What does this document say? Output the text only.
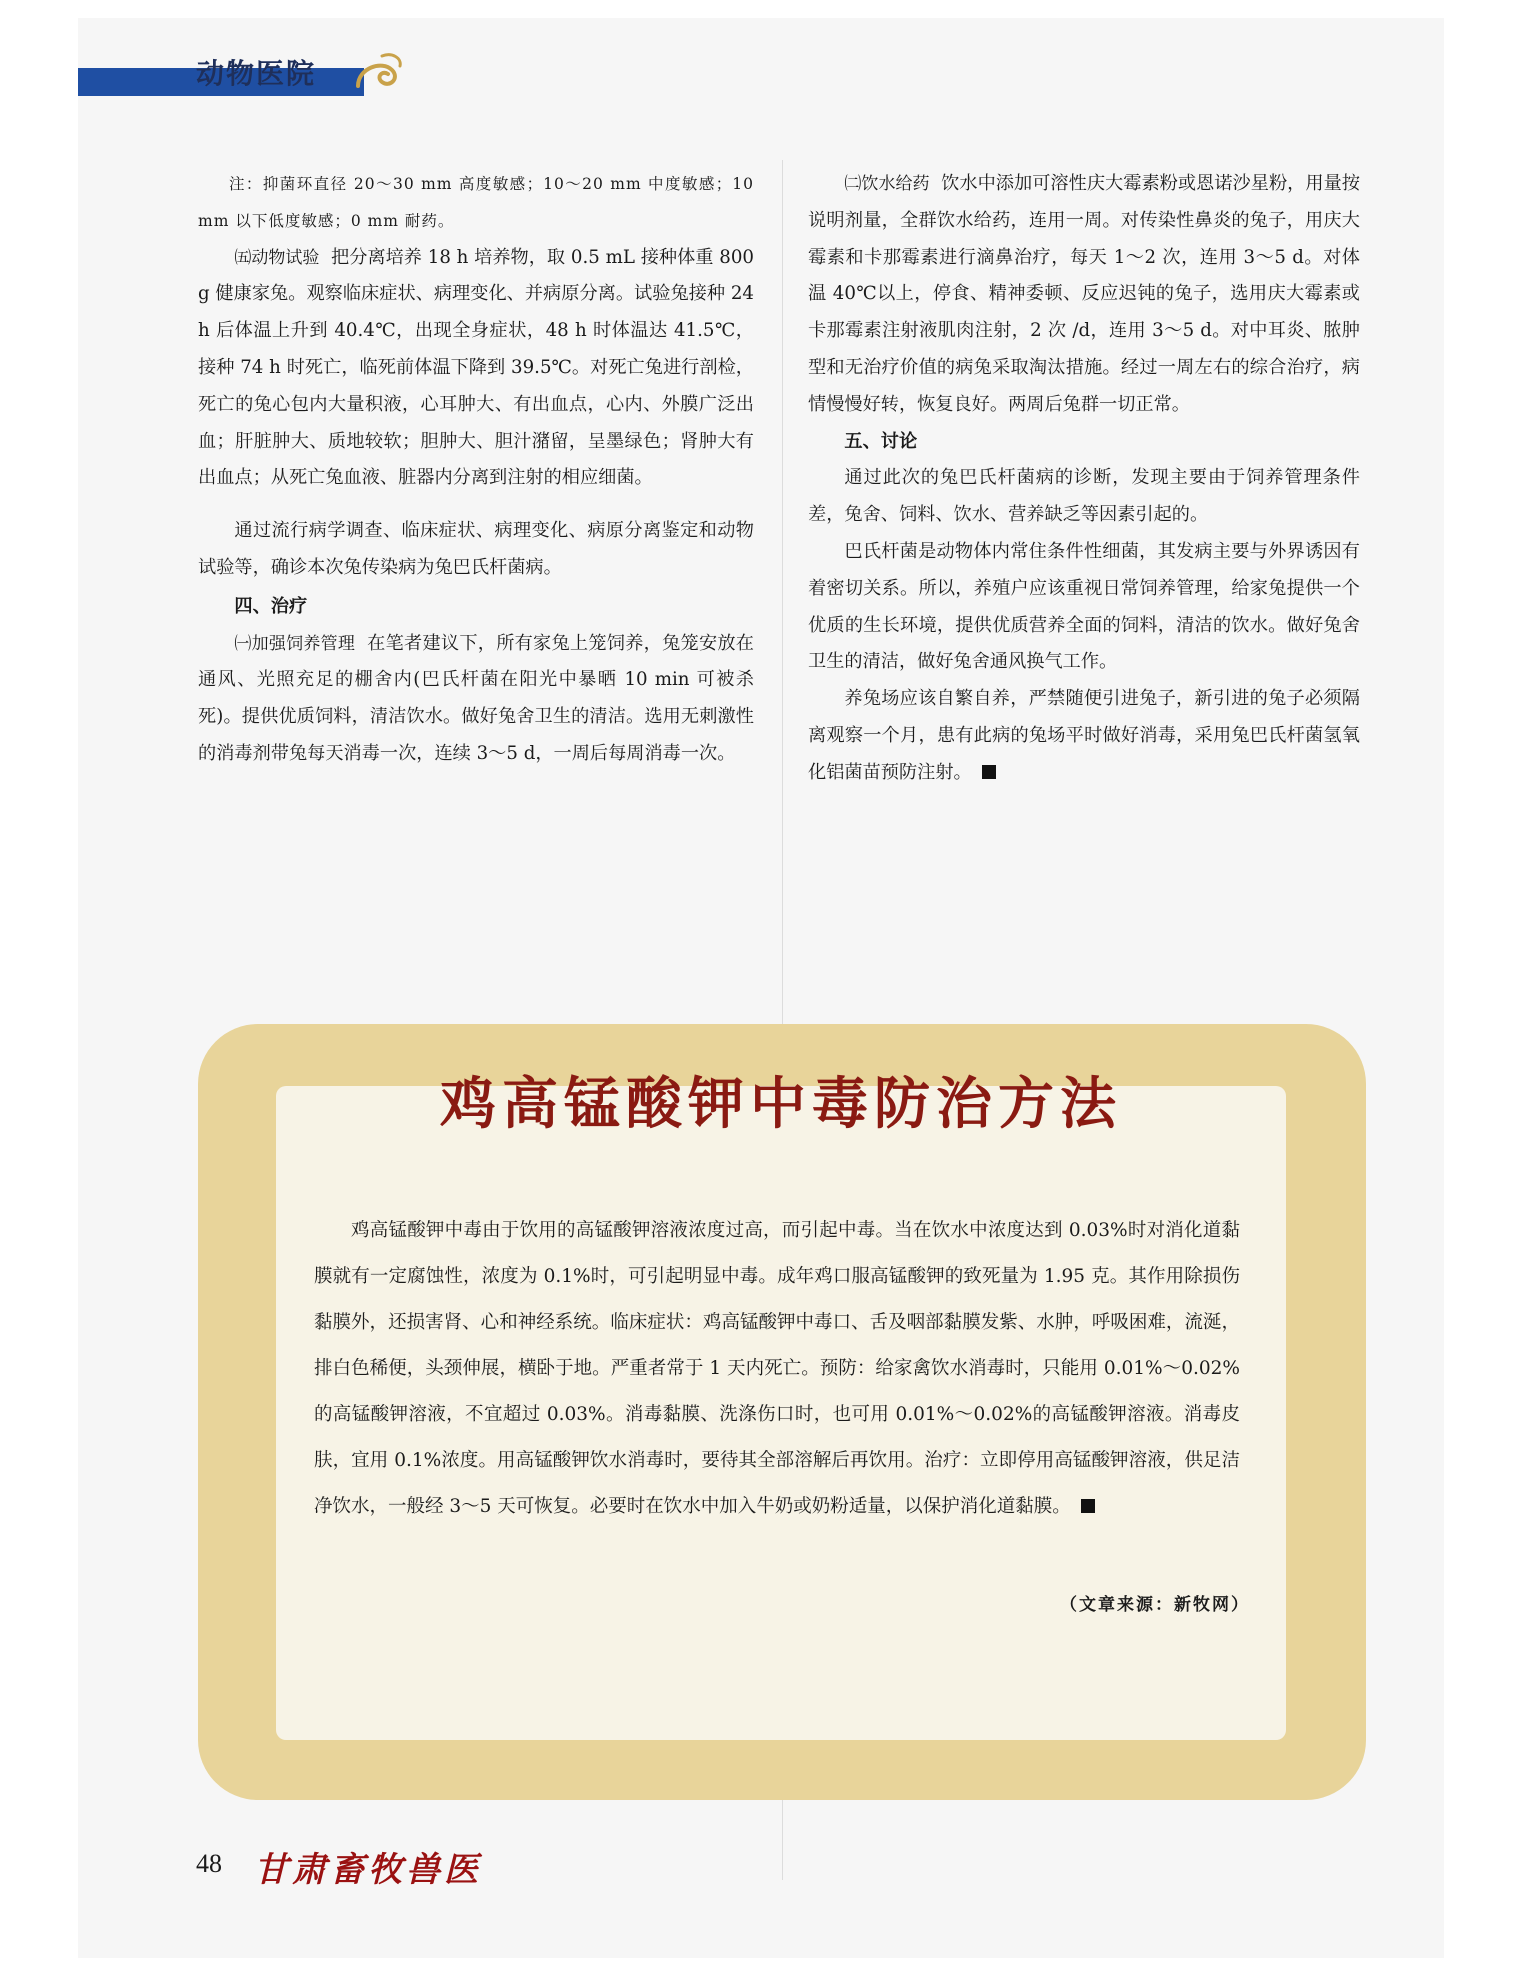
动物医院
注：抑菌环直径 20～30 mm 高度敏感；10～20 mm 中度敏感；10 mm 以下低度敏感；0 mm 耐药。

㈤动物试验 把分离培养 18 h 培养物，取 0.5 mL 接种体重 800 g 健康家兔。观察临床症状、病理变化、并病原分离。试验兔接种 24 h 后体温上升到 40.4℃，出现全身症状，48 h 时体温达 41.5℃，接种 74 h 时死亡，临死前体温下降到 39.5℃。对死亡兔进行剖检，死亡的兔心包内大量积液，心耳肿大、有出血点，心内、外膜广泛出血；肝脏肿大、质地较软；胆肿大、胆汁潴留，呈墨绿色；肾肿大有出血点；从死亡兔血液、脏器内分离到注射的相应细菌。

通过流行病学调查、临床症状、病理变化、病原分离鉴定和动物试验等，确诊本次兔传染病为兔巴氏杆菌病。

四、治疗

㈠加强饲养管理 在笔者建议下，所有家兔上笼饲养，兔笼安放在通风、光照充足的棚舍内(巴氏杆菌在阳光中暴晒 10 min 可被杀死)。提供优质饲料，清洁饮水。做好兔舍卫生的清洁。选用无刺激性的消毒剂带兔每天消毒一次，连续 3～5 d，一周后每周消毒一次。

㈡饮水给药 饮水中添加可溶性庆大霉素粉或恩诺沙星粉，用量按说明剂量，全群饮水给药，连用一周。对传染性鼻炎的兔子，用庆大霉素和卡那霉素进行滴鼻治疗，每天 1～2 次，连用 3～5 d。对体温 40℃以上，停食、精神委顿、反应迟钝的兔子，选用庆大霉素或卡那霉素注射液肌肉注射，2 次 /d，连用 3～5 d。对中耳炎、脓肿型和无治疗价值的病兔采取淘汰措施。经过一周左右的综合治疗，病情慢慢好转，恢复良好。两周后兔群一切正常。

五、讨论

通过此次的兔巴氏杆菌病的诊断，发现主要由于饲养管理条件差，兔舍、饲料、饮水、营养缺乏等因素引起的。

巴氏杆菌是动物体内常住条件性细菌，其发病主要与外界诱因有着密切关系。所以，养殖户应该重视日常饲养管理，给家兔提供一个优质的生长环境，提供优质营养全面的饲料，清洁的饮水。做好兔舍卫生的清洁，做好兔舍通风换气工作。

养兔场应该自繁自养，严禁随便引进兔子，新引进的兔子必须隔离观察一个月，患有此病的兔场平时做好消毒，采用兔巴氏杆菌氢氧化铝菌苗预防注射。

鸡高锰酸钾中毒防治方法

鸡高锰酸钾中毒由于饮用的高锰酸钾溶液浓度过高，而引起中毒。当在饮水中浓度达到 0.03%时对消化道黏膜就有一定腐蚀性，浓度为 0.1%时，可引起明显中毒。成年鸡口服高锰酸钾的致死量为 1.95 克。其作用除损伤黏膜外，还损害肾、心和神经系统。临床症状：鸡高锰酸钾中毒口、舌及咽部黏膜发紫、水肿，呼吸困难，流涎，排白色稀便，头颈伸展，横卧于地。严重者常于 1 天内死亡。预防：给家禽饮水消毒时，只能用 0.01%～0.02%的高锰酸钾溶液，不宜超过 0.03%。消毒黏膜、洗涤伤口时，也可用 0.01%～0.02%的高锰酸钾溶液。消毒皮肤，宜用 0.1%浓度。用高锰酸钾饮水消毒时，要待其全部溶解后再饮用。治疗：立即停用高锰酸钾溶液，供足洁净饮水，一般经 3～5 天可恢复。必要时在饮水中加入牛奶或奶粉适量，以保护消化道黏膜。

（文章来源：新牧网）
48 甘肃畜牧兽医
